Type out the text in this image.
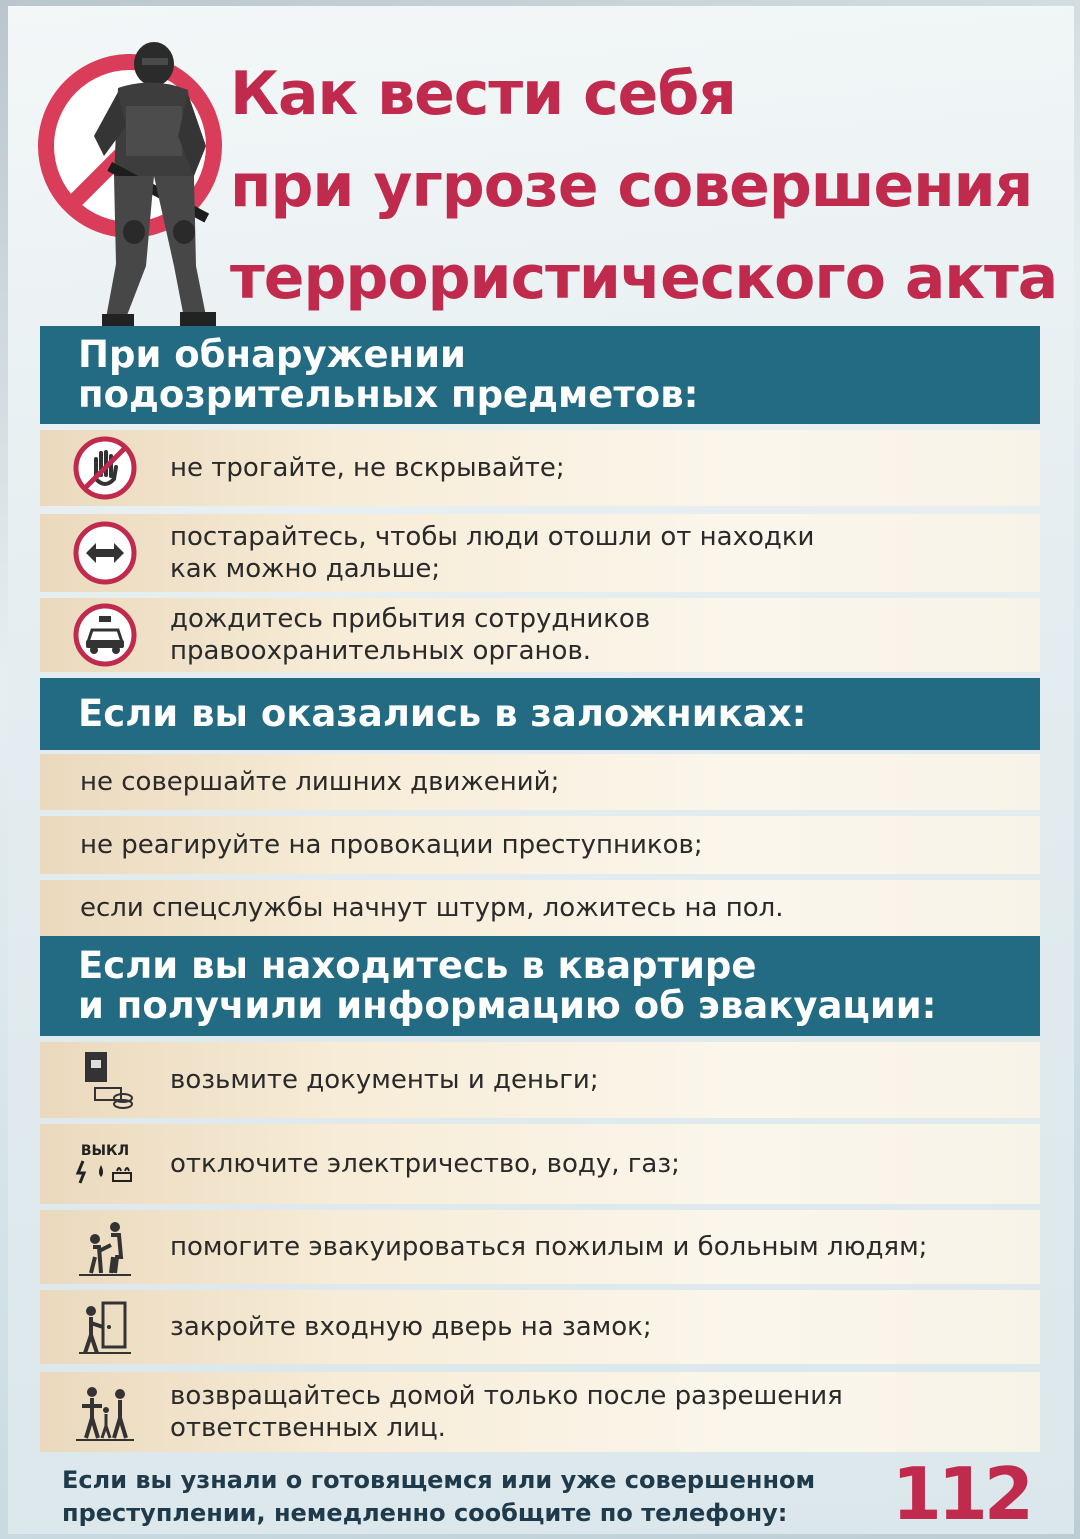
Как вести себя
при угрозе совершения
террористического акта
При обнаружении
подозрительных предметов:
не трогайте, не вскрывайте;
постарайтесь, чтобы люди отошли от находки
как можно дальше;
дождитесь прибытия сотрудников
правоохранительных органов.
Если вы оказались в заложниках:
не совершайте лишних движений;
не реагируйте на провокации преступников;
если спецслужбы начнут штурм, ложитесь на пол.
Если вы находитесь в квартире
и получили информацию об эвакуации:
возьмите документы и деньги;
ВЫКЛ отключите электричество, воду, газ;
помогите эвакуироваться пожилым и больным людям;
закройте входную дверь на замок;
возвращайтесь домой только после разрешения
ответственных лиц.
Если вы узнали о готовящемся или уже совершенном
преступлении, немедленно сообщите по телефону:	112
